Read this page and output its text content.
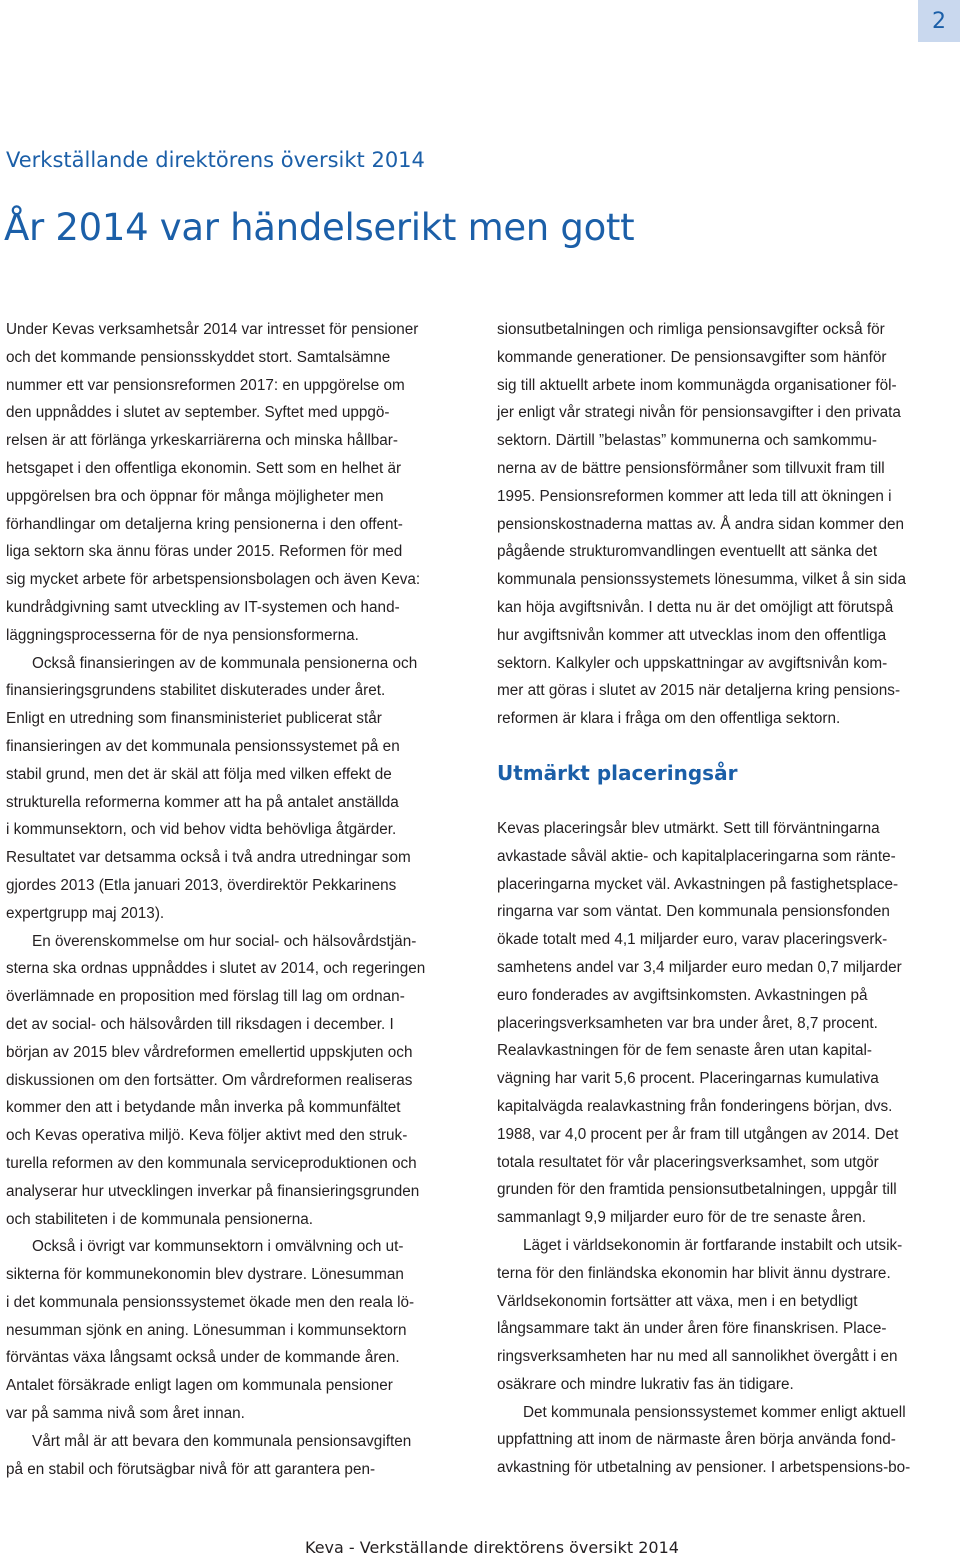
2
Verkställande direktörens översikt 2014
År 2014 var händelserikt men gott
Under Kevas verksamhetsår 2014 var intresset för pensioner
och det kommande pensionsskyddet stort. Samtalsämne
nummer ett var pensionsreformen 2017: en uppgörelse om
den uppnåddes i slutet av september. Syftet med uppgö-
relsen är att förlänga yrkeskarriärerna och minska hållbar-
hetsgapet i den offentliga ekonomin. Sett som en helhet är
uppgörelsen bra och öppnar för många möjligheter men
förhandlingar om detaljerna kring pensionerna i den offent-
liga sektorn ska ännu föras under 2015. Reformen för med
sig mycket arbete för arbetspensionsbolagen och även Keva:
kundrådgivning samt utveckling av IT-systemen och hand-
läggningsprocesserna för de nya pensionsformerna.
Också finansieringen av de kommunala pensionerna och
finansieringsgrundens stabilitet diskuterades under året.
Enligt en utredning som finansministeriet publicerat står
finansieringen av det kommunala pensionssystemet på en
stabil grund, men det är skäl att följa med vilken effekt de
strukturella reformerna kommer att ha på antalet anställda
i kommunsektorn, och vid behov vidta behövliga åtgärder.
Resultatet var detsamma också i två andra utredningar som
gjordes 2013 (Etla januari 2013, överdirektör Pekkarinens
expertgrupp maj 2013).
En överenskommelse om hur social- och hälsovårdstjän-
sterna ska ordnas uppnåddes i slutet av 2014, och regeringen
överlämnade en proposition med förslag till lag om ordnan-
det av social- och hälsovården till riksdagen i december. I
början av 2015 blev vårdreformen emellertid uppskjuten och
diskussionen om den fortsätter. Om vårdreformen realiseras
kommer den att i betydande mån inverka på kommunfältet
och Kevas operativa miljö. Keva följer aktivt med den struk-
turella reformen av den kommunala serviceproduktionen och
analyserar hur utvecklingen inverkar på finansieringsgrunden
och stabiliteten i de kommunala pensionerna.
Också i övrigt var kommunsektorn i omvälvning och ut-
sikterna för kommunekonomin blev dystrare. Lönesumman
i det kommunala pensionssystemet ökade men den reala lö-
nesumman sjönk en aning. Lönesumman i kommunsektorn
förväntas växa långsamt också under de kommande åren.
Antalet försäkrade enligt lagen om kommunala pensioner
var på samma nivå som året innan.
Vårt mål är att bevara den kommunala pensionsavgiften
på en stabil och förutsägbar nivå för att garantera pen-
sionsutbetalningen och rimliga pensionsavgifter också för
kommande generationer. De pensionsavgifter som hänför
sig till aktuellt arbete inom kommunägda organisationer föl-
jer enligt vår strategi nivån för pensionsavgifter i den privata
sektorn. Därtill ”belastas” kommunerna och samkommu-
nerna av de bättre pensionsförmåner som tillvuxit fram till
1995. Pensionsreformen kommer att leda till att ökningen i
pensionskostnaderna mattas av. Å andra sidan kommer den
pågående strukturomvandlingen eventuellt att sänka det
kommunala pensionssystemets lönesumma, vilket å sin sida
kan höja avgiftsnivån. I detta nu är det omöjligt att förutspå
hur avgiftsnivån kommer att utvecklas inom den offentliga
sektorn. Kalkyler och uppskattningar av avgiftsnivån kom-
mer att göras i slutet av 2015 när detaljerna kring pensions-
reformen är klara i fråga om den offentliga sektorn.
Utmärkt placeringsår
Kevas placeringsår blev utmärkt. Sett till förväntningarna
avkastade såväl aktie- och kapitalplaceringarna som ränte-
placeringarna mycket väl. Avkastningen på fastighetsplace-
ringarna var som väntat. Den kommunala pensionsfonden
ökade totalt med 4,1 miljarder euro, varav placeringsverk-
samhetens andel var 3,4 miljarder euro medan 0,7 miljarder
euro fonderades av avgiftsinkomsten. Avkastningen på
placeringsverksamheten var bra under året, 8,7 procent.
Realavkastningen för de fem senaste åren utan kapital-
vägning har varit 5,6 procent. Placeringarnas kumulativa
kapitalvägda realavkastning från fonderingens början, dvs.
1988, var 4,0 procent per år fram till utgången av 2014. Det
totala resultatet för vår placeringsverksamhet, som utgör
grunden för den framtida pensionsutbetalningen, uppgår till
sammanlagt 9,9 miljarder euro för de tre senaste åren.
Läget i världsekonomin är fortfarande instabilt och utsik-
terna för den finländska ekonomin har blivit ännu dystrare.
Världsekonomin fortsätter att växa, men i en betydligt
långsammare takt än under åren före finanskrisen. Place-
ringsverksamheten har nu med all sannolikhet övergått i en
osäkrare och mindre lukrativ fas än tidigare.
Det kommunala pensionssystemet kommer enligt aktuell
uppfattning att inom de närmaste åren börja använda fond-
avkastning för utbetalning av pensioner. I arbetspensions-bo-
Keva - Verkställande direktörens översikt 2014
